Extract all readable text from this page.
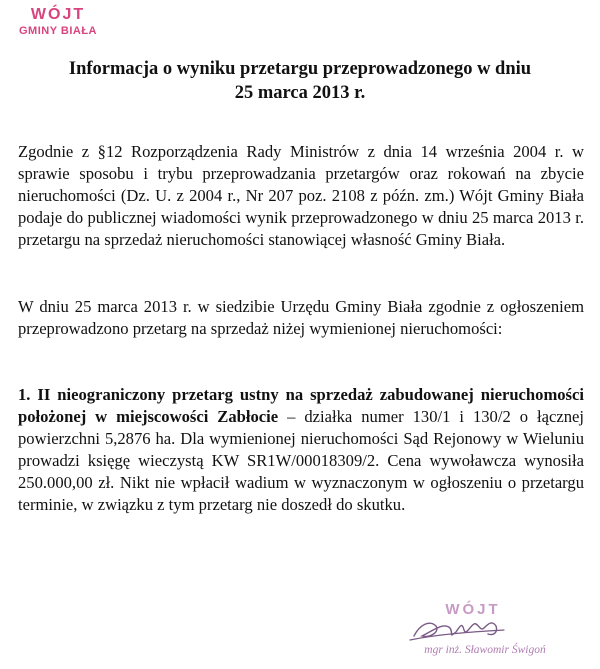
WÓJT
GMINY BIAŁA
Informacja o wyniku przetargu przeprowadzonego w dniu
25 marca 2013 r.
Zgodnie z §12 Rozporządzenia Rady Ministrów z dnia 14 września 2004 r. w sprawie sposobu i trybu przeprowadzania przetargów oraz rokowań na zbycie nieruchomości (Dz. U. z 2004 r., Nr 207 poz. 2108 z późn. zm.) Wójt Gminy Biała podaje do publicznej wiadomości wynik przeprowadzonego w dniu 25 marca 2013 r. przetargu na sprzedaż nieruchomości stanowiącej własność Gminy Biała.
W dniu 25 marca 2013 r. w siedzibie Urzędu Gminy Biała zgodnie z ogłoszeniem przeprowadzono przetarg na sprzedaż niżej wymienionej nieruchomości:
1. II nieograniczony przetarg ustny na sprzedaż zabudowanej nieruchomości położonej w miejscowości Zabłocie – działka numer 130/1 i 130/2 o łącznej powierzchni 5,2876 ha. Dla wymienionej nieruchomości Sąd Rejonowy w Wieluniu prowadzi księgę wieczystą KW SR1W/00018309/2. Cena wywoławcza wynosiła 250.000,00 zł. Nikt nie wpłacił wadium w wyznaczonym w ogłoszeniu o przetargu terminie, w związku z tym przetarg nie doszedł do skutku.
WÓJT
mgr inż. Sławomir Świgoń
